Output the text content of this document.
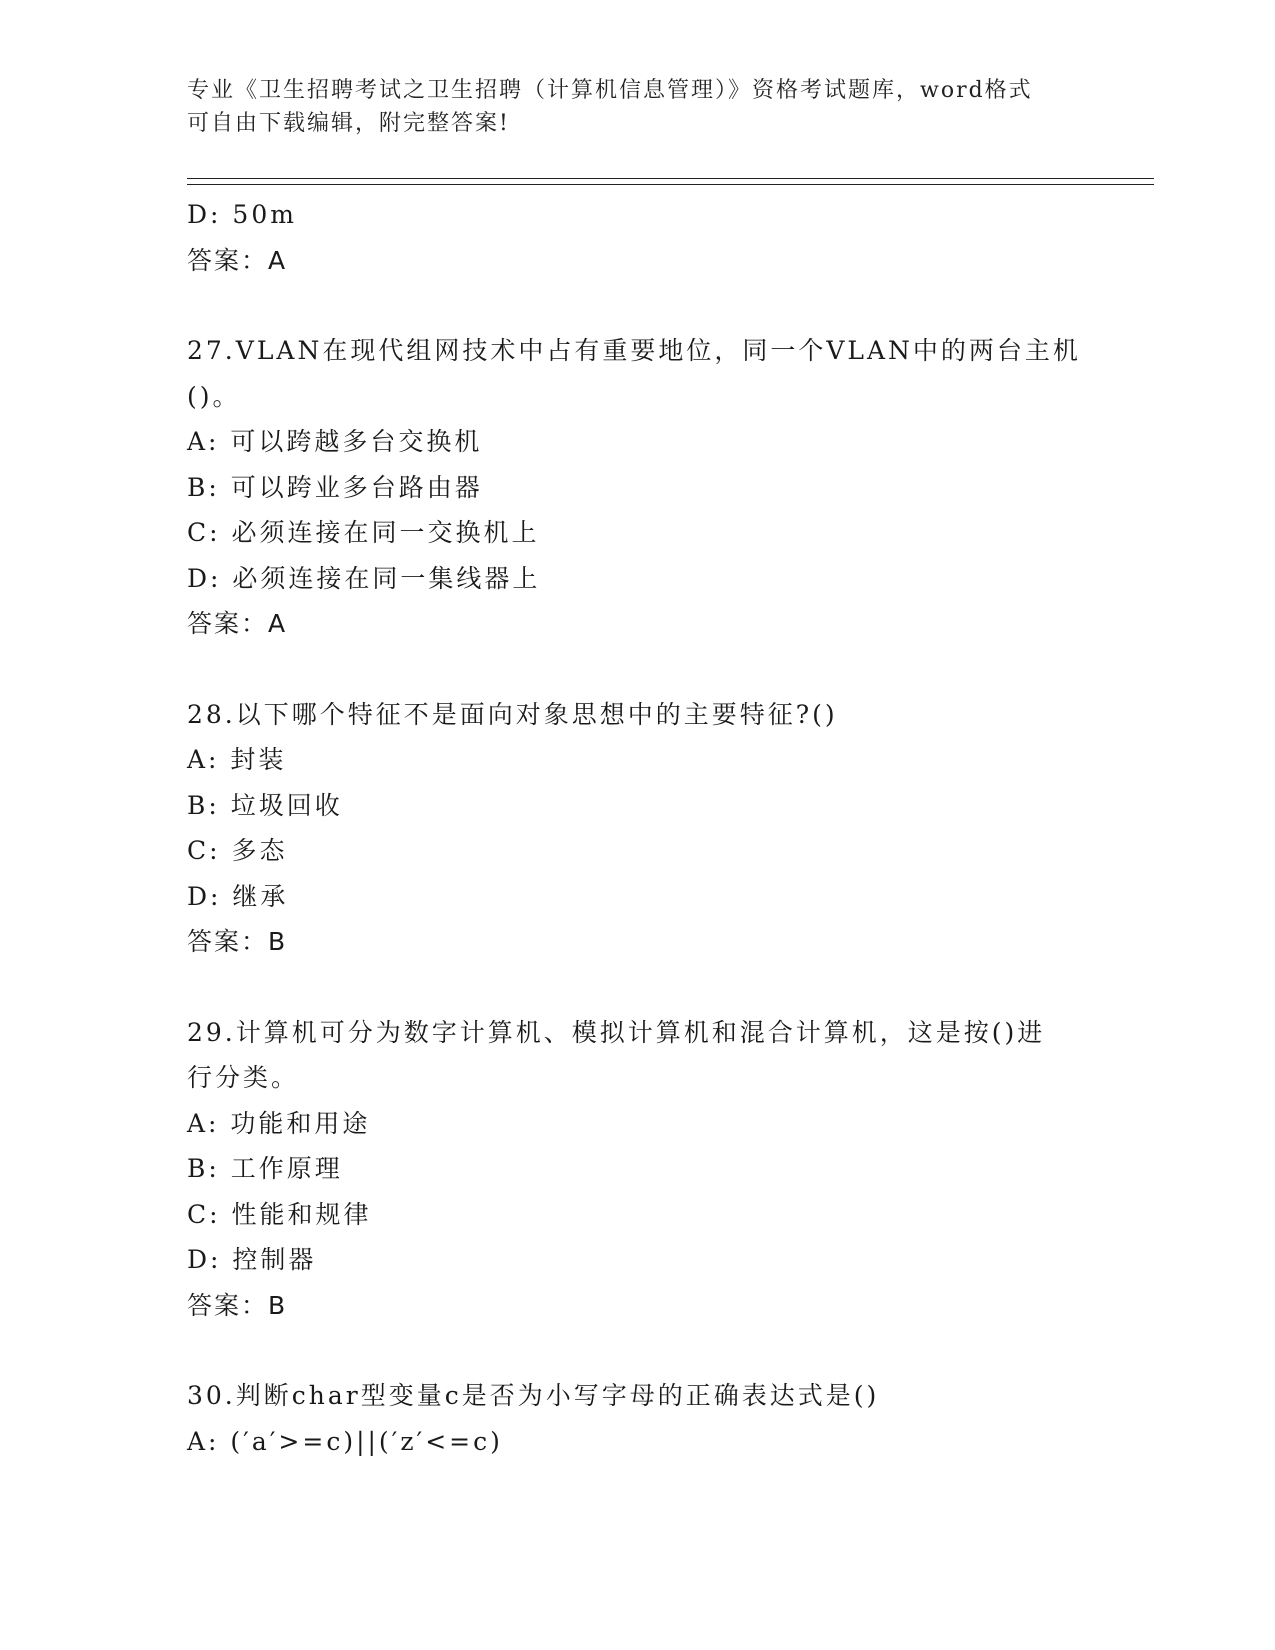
专业《卫生招聘考试之卫生招聘（计算机信息管理）》资格考试题库，word格式
可自由下载编辑，附完整答案!
D: 50m
答案：A
27.VLAN在现代组网技术中占有重要地位，同一个VLAN中的两台主机
()。
A: 可以跨越多台交换机
B: 可以跨业多台路由器
C: 必须连接在同一交换机上
D: 必须连接在同一集线器上
答案：A
28.以下哪个特征不是面向对象思想中的主要特征?()
A: 封装
B: 垃圾回收
C: 多态
D: 继承
答案：B
29.计算机可分为数字计算机、模拟计算机和混合计算机，这是按()进
行分类。
A: 功能和用途
B: 工作原理
C: 性能和规律
D: 控制器
答案：B
30.判断char型变量c是否为小写字母的正确表达式是()
A: (′a′>=c)||(′z′<=c)
